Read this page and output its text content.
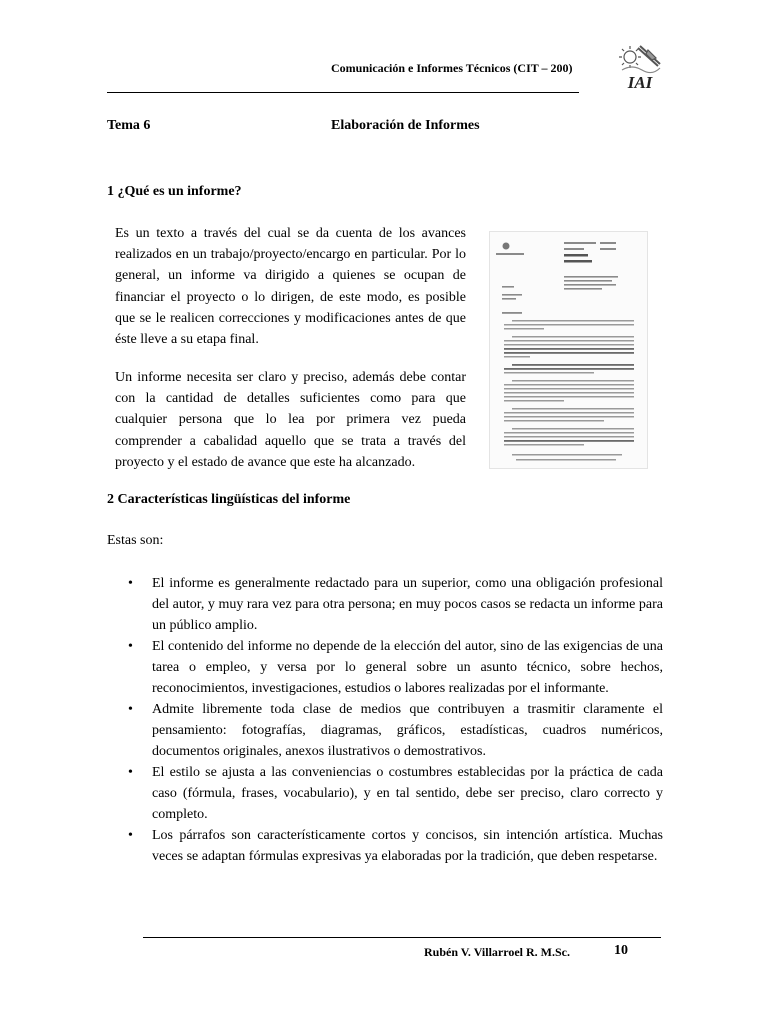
Comunicación e Informes Técnicos (CIT – 200)
IAI
Tema 6	Elaboración de Informes
1 ¿Qué es un informe?
Es un texto a través del cual se da cuenta de los avances realizados en un trabajo/proyecto/encargo en particular. Por lo general, un informe va dirigido a quienes se ocupan de financiar el proyecto o lo dirigen, de este modo, es posible que se le realicen correcciones y modificaciones antes de que éste lleve a su etapa final.
Un informe necesita ser claro y preciso, además debe contar con la cantidad de detalles suficientes como para que cualquier persona que lo lea por primera vez pueda comprender a cabalidad aquello que se trata a través del proyecto y el estado de avance que este ha alcanzado.
2 Características lingüísticas del informe
Estas son:
• El informe es generalmente redactado para un superior, como una obligación profesional del autor, y muy rara vez para otra persona; en muy pocos casos se redacta un informe para un público amplio.
• El contenido del informe no depende de la elección del autor, sino de las exigencias de una tarea o empleo, y versa por lo general sobre un asunto técnico, sobre hechos, reconocimientos, investigaciones, estudios o labores realizadas por el informante.
• Admite libremente toda clase de medios que contribuyen a trasmitir claramente el pensamiento: fotografías, diagramas, gráficos, estadísticas, cuadros numéricos, documentos originales, anexos ilustrativos o demostrativos.
• El estilo se ajusta a las conveniencias o costumbres establecidas por la práctica de cada caso (fórmula, frases, vocabulario), y en tal sentido, debe ser preciso, claro correcto y completo.
• Los párrafos son característicamente cortos y concisos, sin intención artística. Muchas veces se adaptan fórmulas expresivas ya elaboradas por la tradición, que deben respetarse.
Rubén V. Villarroel R. M.Sc.	10
